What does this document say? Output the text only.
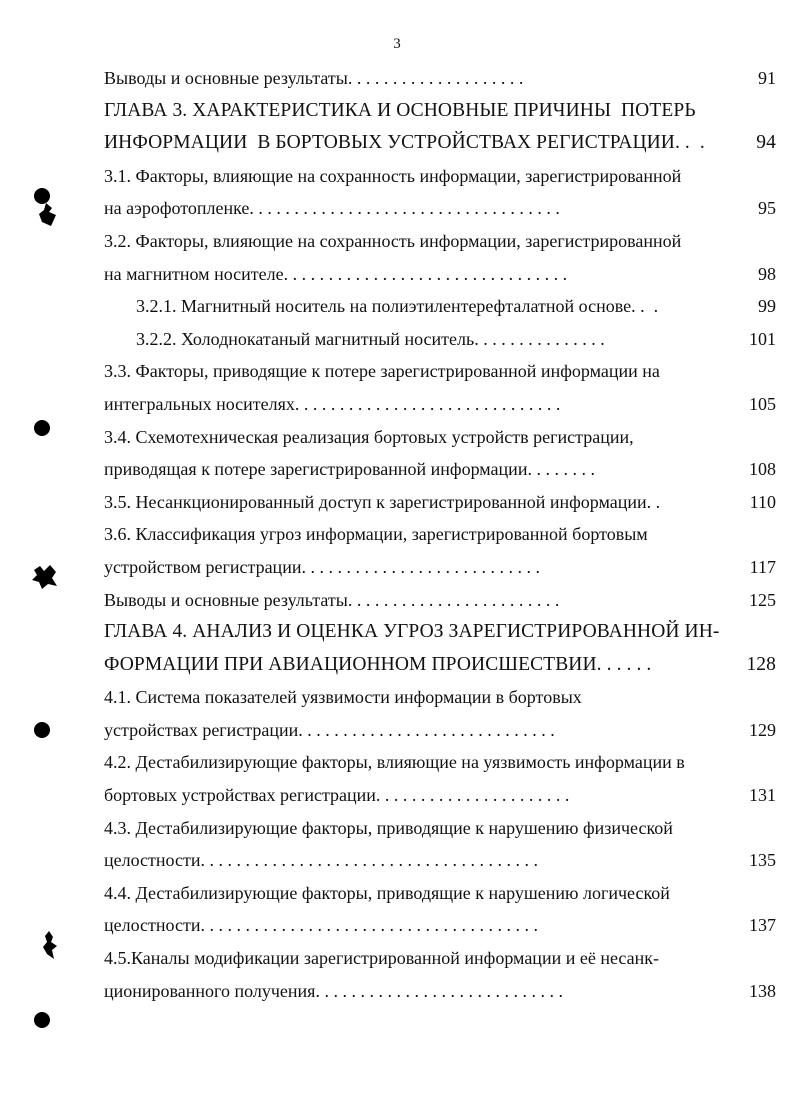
3
Выводы и основные результаты. . . . . . . . . . . . . . . . . . . .	91
ГЛАВА 3. ХАРАКТЕРИСТИКА И ОСНОВНЫЕ ПРИЧИНЫ  ПОТЕРЬ
ИНФОРМАЦИИ  В БОРТОВЫХ УСТРОЙСТВАХ РЕГИСТРАЦИИ. .  .	94
3.1. Факторы, влияющие на сохранность информации, зарегистрированной
на аэрофотопленке. . . . . . . . . . . . . . . . . . . . . . . . . . . . . . . . . . .	95
3.2. Факторы, влияющие на сохранность информации, зарегистрированной
на магнитном носителе. . . . . . . . . . . . . . . . . . . . . . . . . . . . . . . .	98
3.2.1. Магнитный носитель на полиэтилентерефталатной основе. .  .	99
3.2.2. Холоднокатаный магнитный носитель. . . . . . . . . . . . . . .	101
3.3. Факторы, приводящие к потере зарегистрированной информации на
интегральных носителях. . . . . . . . . . . . . . . . . . . . . . . . . . . . . .	105
3.4. Схемотехническая реализация бортовых устройств регистрации,
приводящая к потере зарегистрированной информации. . . . . . . .	108
3.5. Несанкционированный доступ к зарегистрированной информации. .	110
3.6. Классификация угроз информации, зарегистрированной бортовым
устройством регистрации. . . . . . . . . . . . . . . . . . . . . . . . . . .	117
Выводы и основные результаты. . . . . . . . . . . . . . . . . . . . . . . .	125
ГЛАВА 4. АНАЛИЗ И ОЦЕНКА УГРОЗ ЗАРЕГИСТРИРОВАННОЙ ИН-
ФОРМАЦИИ ПРИ АВИАЦИОННОМ ПРОИСШЕСТВИИ. . . . . .	128
4.1. Система показателей уязвимости информации в бортовых
устройствах регистрации. . . . . . . . . . . . . . . . . . . . . . . . . . . . .	129
4.2. Дестабилизирующие факторы, влияющие на уязвимость информации в
бортовых устройствах регистрации. . . . . . . . . . . . . . . . . . . . . .	131
4.3. Дестабилизирующие факторы, приводящие к нарушению физической
целостности. . . . . . . . . . . . . . . . . . . . . . . . . . . . . . . . . . . . . .	135
4.4. Дестабилизирующие факторы, приводящие к нарушению логической
целостности. . . . . . . . . . . . . . . . . . . . . . . . . . . . . . . . . . . . . .	137
4.5.Каналы модификации зарегистрированной информации и её несанк-
ционированного получения. . . . . . . . . . . . . . . . . . . . . . . . . . . .	138
